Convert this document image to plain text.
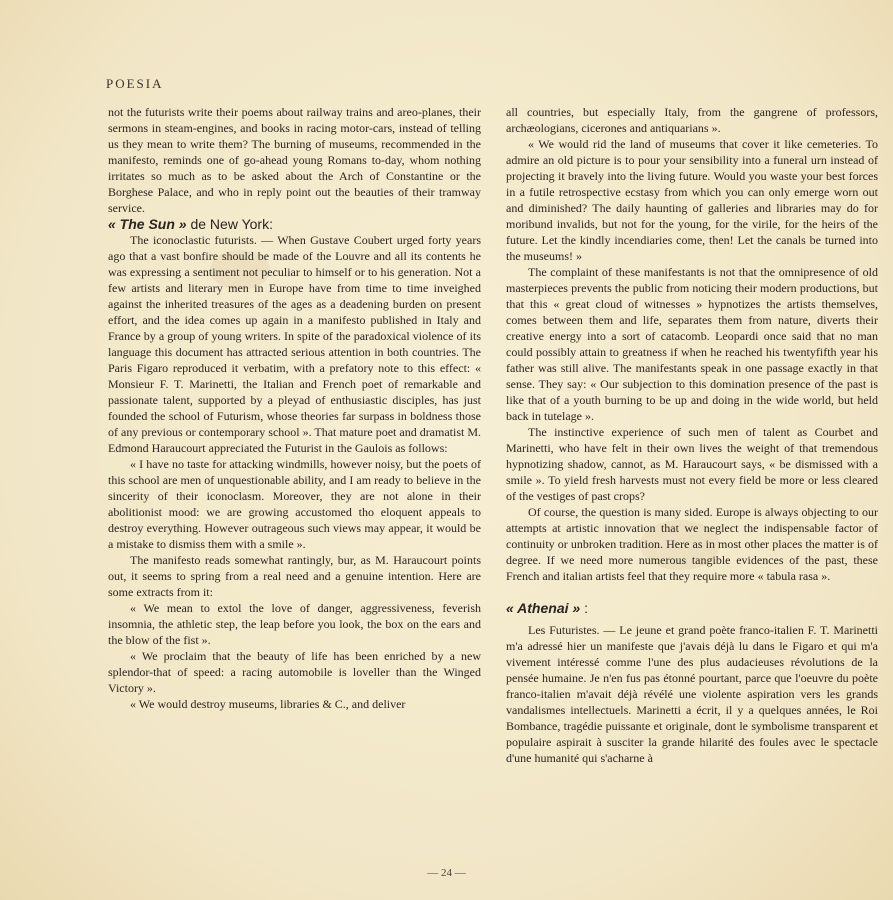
POESIA

not the futurists write their poems about railway trains and areo-planes, their sermons in steam-engines, and books in racing motor-cars, instead of telling us they mean to write them? The burning of museums, recommended in the manifesto, reminds one of go-ahead young Romans to-day, whom nothing irritates so much as to be asked about the Arch of Constantine or the Borghese Palace, and who in reply point out the beauties of their tramway service.

« The Sun » de New York:

The iconoclastic futurists. — When Gustave Coubert urged forty years ago that a vast bonfire should be made of the Louvre and all its contents he was expressing a sentiment not peculiar to himself or to his generation. Not a few artists and literary men in Europe have from time to time inveighed against the inherited treasures of the ages as a deadening burden on present effort, and the idea comes up again in a manifesto published in Italy and France by a group of young writers. In spite of the paradoxical violence of its language this document has attracted serious attention in both countries. The Paris Figaro reproduced it verbatim, with a prefatory note to this effect: « Monsieur F. T. Marinetti, the Italian and French poet of remarkable and passionate talent, supported by a pleyad of enthusiastic disciples, has just founded the school of Futurism, whose theories far surpass in boldness those of any previous or contemporary school ». That mature poet and dramatist M. Edmond Haraucourt appreciated the Futurist in the Gaulois as follows:

« I have no taste for attacking windmills, however noisy, but the poets of this school are men of unquestionable ability, and I am ready to believe in the sincerity of their iconoclasm. Moreover, they are not alone in their abolitionist mood: we are growing accustomed tho eloquent appeals to destroy everything. However outrageous such views may appear, it would be a mistake to dismiss them with a smile ».

The manifesto reads somewhat rantingly, bur, as M. Haraucourt points out, it seems to spring from a real need and a genuine intention. Here are some extracts from it:

« We mean to extol the love of danger, aggressiveness, feverish insomnia, the athletic step, the leap before you look, the box on the ears and the blow of the fist ».

« We proclaim that the beauty of life has been enriched by a new splendor-that of speed: a racing automobile is loveller than the Winged Victory ».

« We would destroy museums, libraries & C., and deliver

all countries, but especially Italy, from the gangrene of professors, archæologians, cicerones and antiquarians ».

« We would rid the land of museums that cover it like cemeteries. To admire an old picture is to pour your sensibility into a funeral urn instead of projecting it bravely into the living future. Would you waste your best forces in a futile retrospective ecstasy from which you can only emerge worn out and diminished? The daily haunting of galleries and libraries may do for moribund invalids, but not for the young, for the virile, for the heirs of the future. Let the kindly incendiaries come, then! Let the canals be turned into the museums! »

The complaint of these manifestants is not that the omnipresence of old masterpieces prevents the public from noticing their modern productions, but that this « great cloud of witnesses » hypnotizes the artists themselves, comes between them and life, separates them from nature, diverts their creative energy into a sort of catacomb. Leopardi once said that no man could possibly attain to greatness if when he reached his twentyfifth year his father was still alive. The manifestants speak in one passage exactly in that sense. They say: « Our subjection to this domination presence of the past is like that of a youth burning to be up and doing in the wide world, but held back in tutelage ».

The instinctive experience of such men of talent as Courbet and Marinetti, who have felt in their own lives the weight of that tremendous hypnotizing shadow, cannot, as M. Haraucourt says, « be dismissed with a smile ». To yield fresh harvests must not every field be more or less cleared of the vestiges of past crops?

Of course, the question is many sided. Europe is always objecting to our attempts at artistic innovation that we neglect the indispensable factor of continuity or unbroken tradition. Here as in most other places the matter is of degree. If we need more numerous tangible evidences of the past, these French and italian artists feel that they require more « tabula rasa ».

« Athenai » :

Les Futuristes. — Le jeune et grand poète franco-italien F. T. Marinetti m'a adressé hier un manifeste que j'avais déjà lu dans le Figaro et qui m'a vivement intéressé comme l'une des plus audacieuses révolutions de la pensée humaine. Je n'en fus pas étonné pourtant, parce que l'oeuvre du poète franco-italien m'avait déjà révélé une violente aspiration vers les grands vandalismes intellectuels. Marinetti a écrit, il y a quelques années, le Roi Bombance, tragédie puissante et originale, dont le symbolisme transparent et populaire aspirait à susciter la grande hilarité des foules avec le spectacle d'une humanité qui s'acharne à

— 24 —
